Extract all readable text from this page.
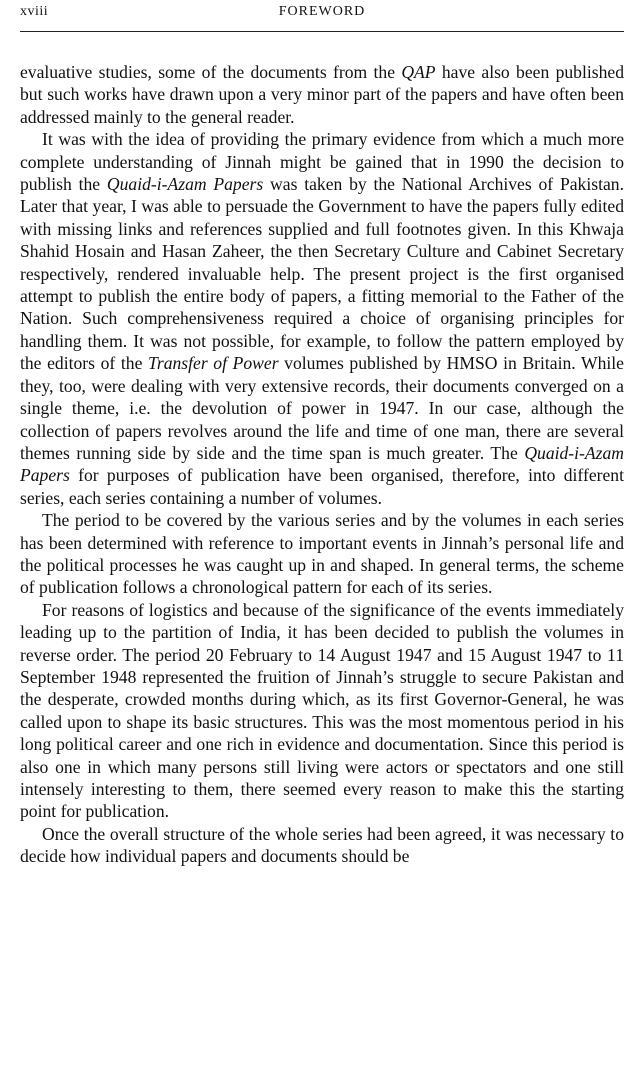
xviii	FOREWORD

evaluative studies, some of the documents from the QAP have also been published but such works have drawn upon a very minor part of the papers and have often been addressed mainly to the general reader.

It was with the idea of providing the primary evidence from which a much more complete understanding of Jinnah might be gained that in 1990 the decision to publish the Quaid-i-Azam Papers was taken by the National Archives of Pakistan. Later that year, I was able to persuade the Government to have the papers fully edited with missing links and references supplied and full footnotes given. In this Khwaja Shahid Hosain and Hasan Zaheer, the then Secretary Culture and Cabinet Secretary respectively, rendered invaluable help. The present project is the first organised attempt to publish the entire body of papers, a fitting memorial to the Father of the Nation. Such comprehensiveness required a choice of organising principles for handling them. It was not possible, for example, to follow the pattern employed by the editors of the Transfer of Power volumes published by HMSO in Britain. While they, too, were dealing with very extensive records, their documents converged on a single theme, i.e. the devolution of power in 1947. In our case, although the collection of papers revolves around the life and time of one man, there are several themes running side by side and the time span is much greater. The Quaid-i-Azam Papers for purposes of publication have been organised, therefore, into different series, each series containing a number of volumes.

The period to be covered by the various series and by the volumes in each series has been determined with reference to important events in Jinnah’s personal life and the political processes he was caught up in and shaped. In general terms, the scheme of publication follows a chronological pattern for each of its series.

For reasons of logistics and because of the significance of the events immediately leading up to the partition of India, it has been decided to publish the volumes in reverse order. The period 20 February to 14 August 1947 and 15 August 1947 to 11 September 1948 represented the fruition of Jinnah’s struggle to secure Pakistan and the desperate, crowded months during which, as its first Governor-General, he was called upon to shape its basic structures. This was the most momentous period in his long political career and one rich in evidence and documentation. Since this period is also one in which many persons still living were actors or spectators and one still intensely interesting to them, there seemed every reason to make this the starting point for publication.

Once the overall structure of the whole series had been agreed, it was necessary to decide how individual papers and documents should be
